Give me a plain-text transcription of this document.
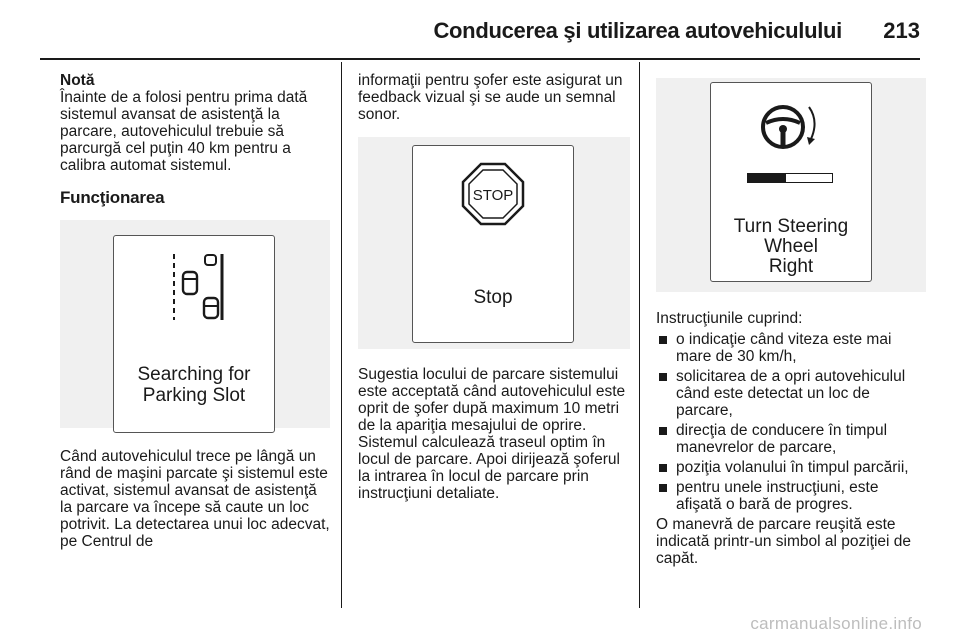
Conducerea şi utilizarea autovehiculului 213

Notă

Înainte de a folosi pentru prima dată sistemul avansat de asistenţă la parcare, autovehiculul trebuie să parcurgă cel puţin 40 km pentru a calibra automat sistemul.

Funcţionarea

Searching for
Parking Slot

Când autovehiculul trece pe lângă un rând de maşini parcate şi sistemul este activat, sistemul avansat de asistenţă la parcare va începe să caute un loc potrivit. La detectarea unui loc adecvat, pe Centrul de

informaţii pentru şofer este asigurat un feedback vizual şi se aude un semnal sonor.

STOP
Stop

Sugestia locului de parcare sistemului este acceptată când autovehiculul este oprit de şofer după maximum 10 metri de la apariţia mesajului de oprire. Sistemul calculează traseul optim în locul de parcare. Apoi dirijează şoferul la intrarea în locul de parcare prin instrucţiuni detaliate.

Turn Steering
Wheel
Right

Instrucţiunile cuprind:

o indicaţie când viteza este mai mare de 30 km/h,
solicitarea de a opri autovehiculul când este detectat un loc de parcare,
direcţia de conducere în timpul manevrelor de parcare,
poziţia volanului în timpul parcării,
pentru unele instrucţiuni, este afişată o bară de progres.

O manevră de parcare reuşită este indicată printr-un simbol al poziţiei de capăt.

carmanualsonline.info
